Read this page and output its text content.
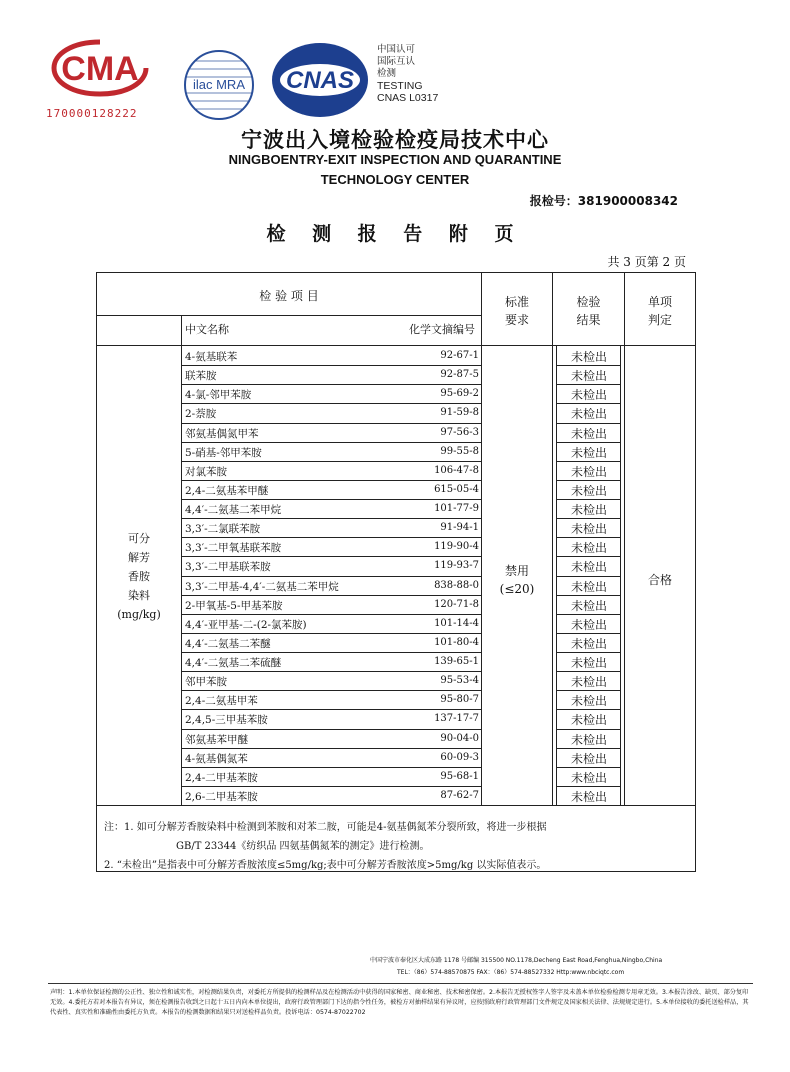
CMA
170000128222
ilac MRA CNAS
中国认可
国际互认
检测
TESTING
CNAS L0317
宁波出入境检验检疫局技术中心
NINGBOENTRY-EXIT INSPECTION AND QUARANTINE
TECHNOLOGY CENTER
报检号：381900008342
检 测 报 告 附 页
共 3 页第 2 页
检 验 项 目
中文名称	化学文摘编号
标准
要求
检验
结果
单项
判定
可分
解芳
香胺
染料
(mg/kg)
禁用
(≤20)
合格
4-氨基联苯	92-67-1	未检出
联苯胺	92-87-5	未检出
4-氯-邻甲苯胺	95-69-2	未检出
2-萘胺	91-59-8	未检出
邻氨基偶氮甲苯	97-56-3	未检出
5-硝基-邻甲苯胺	99-55-8	未检出
对氯苯胺	106-47-8	未检出
2,4-二氨基苯甲醚	615-05-4	未检出
4,4′-二氨基二苯甲烷	101-77-9	未检出
3,3′-二氯联苯胺	91-94-1	未检出
3,3′-二甲氧基联苯胺	119-90-4	未检出
3,3′-二甲基联苯胺	119-93-7	未检出
3,3′-二甲基-4,4′-二氨基二苯甲烷	838-88-0	未检出
2-甲氧基-5-甲基苯胺	120-71-8	未检出
4,4′-亚甲基-二-(2-氯苯胺)	101-14-4	未检出
4,4′-二氨基二苯醚	101-80-4	未检出
4,4′-二氨基二苯硫醚	139-65-1	未检出
邻甲苯胺	95-53-4	未检出
2,4-二氨基甲苯	95-80-7	未检出
2,4,5-三甲基苯胺	137-17-7	未检出
邻氨基苯甲醚	90-04-0	未检出
4-氨基偶氮苯	60-09-3	未检出
2,4-二甲基苯胺	95-68-1	未检出
2,6-二甲基苯胺	87-62-7	未检出
注：1. 如可分解芳香胺染料中检测到苯胺和对苯二胺，可能是4-氨基偶氮苯分裂所致，将进一步根据
GB/T 23344《纺织品 四氨基偶氮苯的测定》进行检测。
2. “未检出”是指表中可分解芳香胺浓度≤5mg/kg;表中可分解芳香胺浓度>5mg/kg 以实际值表示。
中国宁波市奉化区大成东路 1178 号邮编 315500 NO.1178,Decheng East Road,Fenghua,Ningbo,China
TEL：（86）574-88570875 FAX：（86）574-88527332 Http:www.nbciqtc.com
声明：1.本单位保证检测的公正性、独立性和诚实性，对检测结果负责，对委托方所提供的检测样品及在检测活动中获得的国家秘密、商业秘密、技术秘密保密。2.本报告无授权签字人签字及未盖本单位检验检测专用章无效。3.本报告涂改、缺页、部分复印无效。4.委托方若对本报告有异议，须在检测报告收到之日起十五日内向本单位提出，政府行政管理部门下达的指令性任务，被检方对抽样结果有异议时，应按照政府行政管理部门文件规定及国家相关法律、法规规定进行。5.本单位接收的委托送检样品，其代表性、真实性和准确性由委托方负责。本报告的检测数据和结果只对送检样品负责。投诉电话：0574-87022702
